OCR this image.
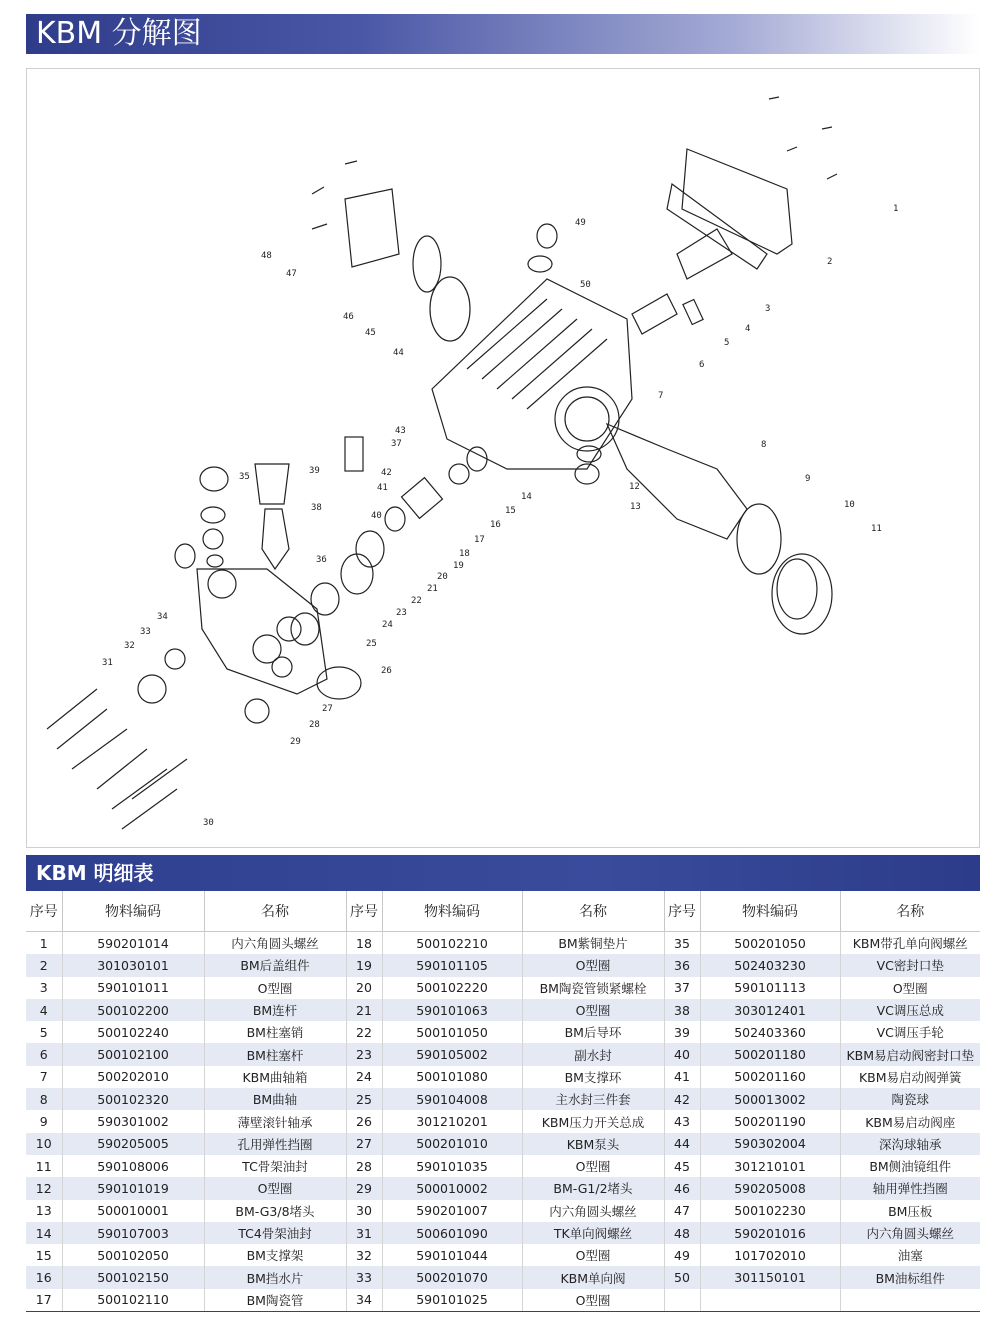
KBM 分解图
1
2
3
4
5
6
7
8
9
10
11
12
13
14
15
16
17
18
19
20
21
22
23
24
25
26
27
28
29
30
31
32
33
34
35
36
37
38
39
40
41
42
43
44
45
46
47
48
49
50
KBM 明细表
序号	物料编码	名称	序号	物料编码	名称	序号	物料编码	名称
1	590201014	内六角圆头螺丝	18	500102210	BM紫铜垫片	35	500201050	KBM带孔单向阀螺丝
2	301030101	BM后盖组件	19	590101105	O型圈	36	502403230	VC密封口垫
3	590101011	O型圈	20	500102220	BM陶瓷管锁紧螺栓	37	590101113	O型圈
4	500102200	BM连杆	21	590101063	O型圈	38	303012401	VC调压总成
5	500102240	BM柱塞销	22	500101050	BM后导环	39	502403360	VC调压手轮
6	500102100	BM柱塞杆	23	590105002	副水封	40	500201180	KBM易启动阀密封口垫
7	500202010	KBM曲轴箱	24	500101080	BM支撑环	41	500201160	KBM易启动阀弹簧
8	500102320	BM曲轴	25	590104008	主水封三件套	42	500013002	陶瓷球
9	590301002	薄壁滚针轴承	26	301210201	KBM压力开关总成	43	500201190	KBM易启动阀座
10	590205005	孔用弹性挡圈	27	500201010	KBM泵头	44	590302004	深沟球轴承
11	590108006	TC骨架油封	28	590101035	O型圈	45	301210101	BM侧油镜组件
12	590101019	O型圈	29	500010002	BM-G1/2堵头	46	590205008	轴用弹性挡圈
13	500010001	BM-G3/8堵头	30	590201007	内六角圆头螺丝	47	500102230	BM压板
14	590107003	TC4骨架油封	31	500601090	TK单向阀螺丝	48	590201016	内六角圆头螺丝
15	500102050	BM支撑架	32	590101044	O型圈	49	101702010	油塞
16	500102150	BM挡水片	33	500201070	KBM单向阀	50	301150101	BM油标组件
17	500102110	BM陶瓷管	34	590101025	O型圈			
